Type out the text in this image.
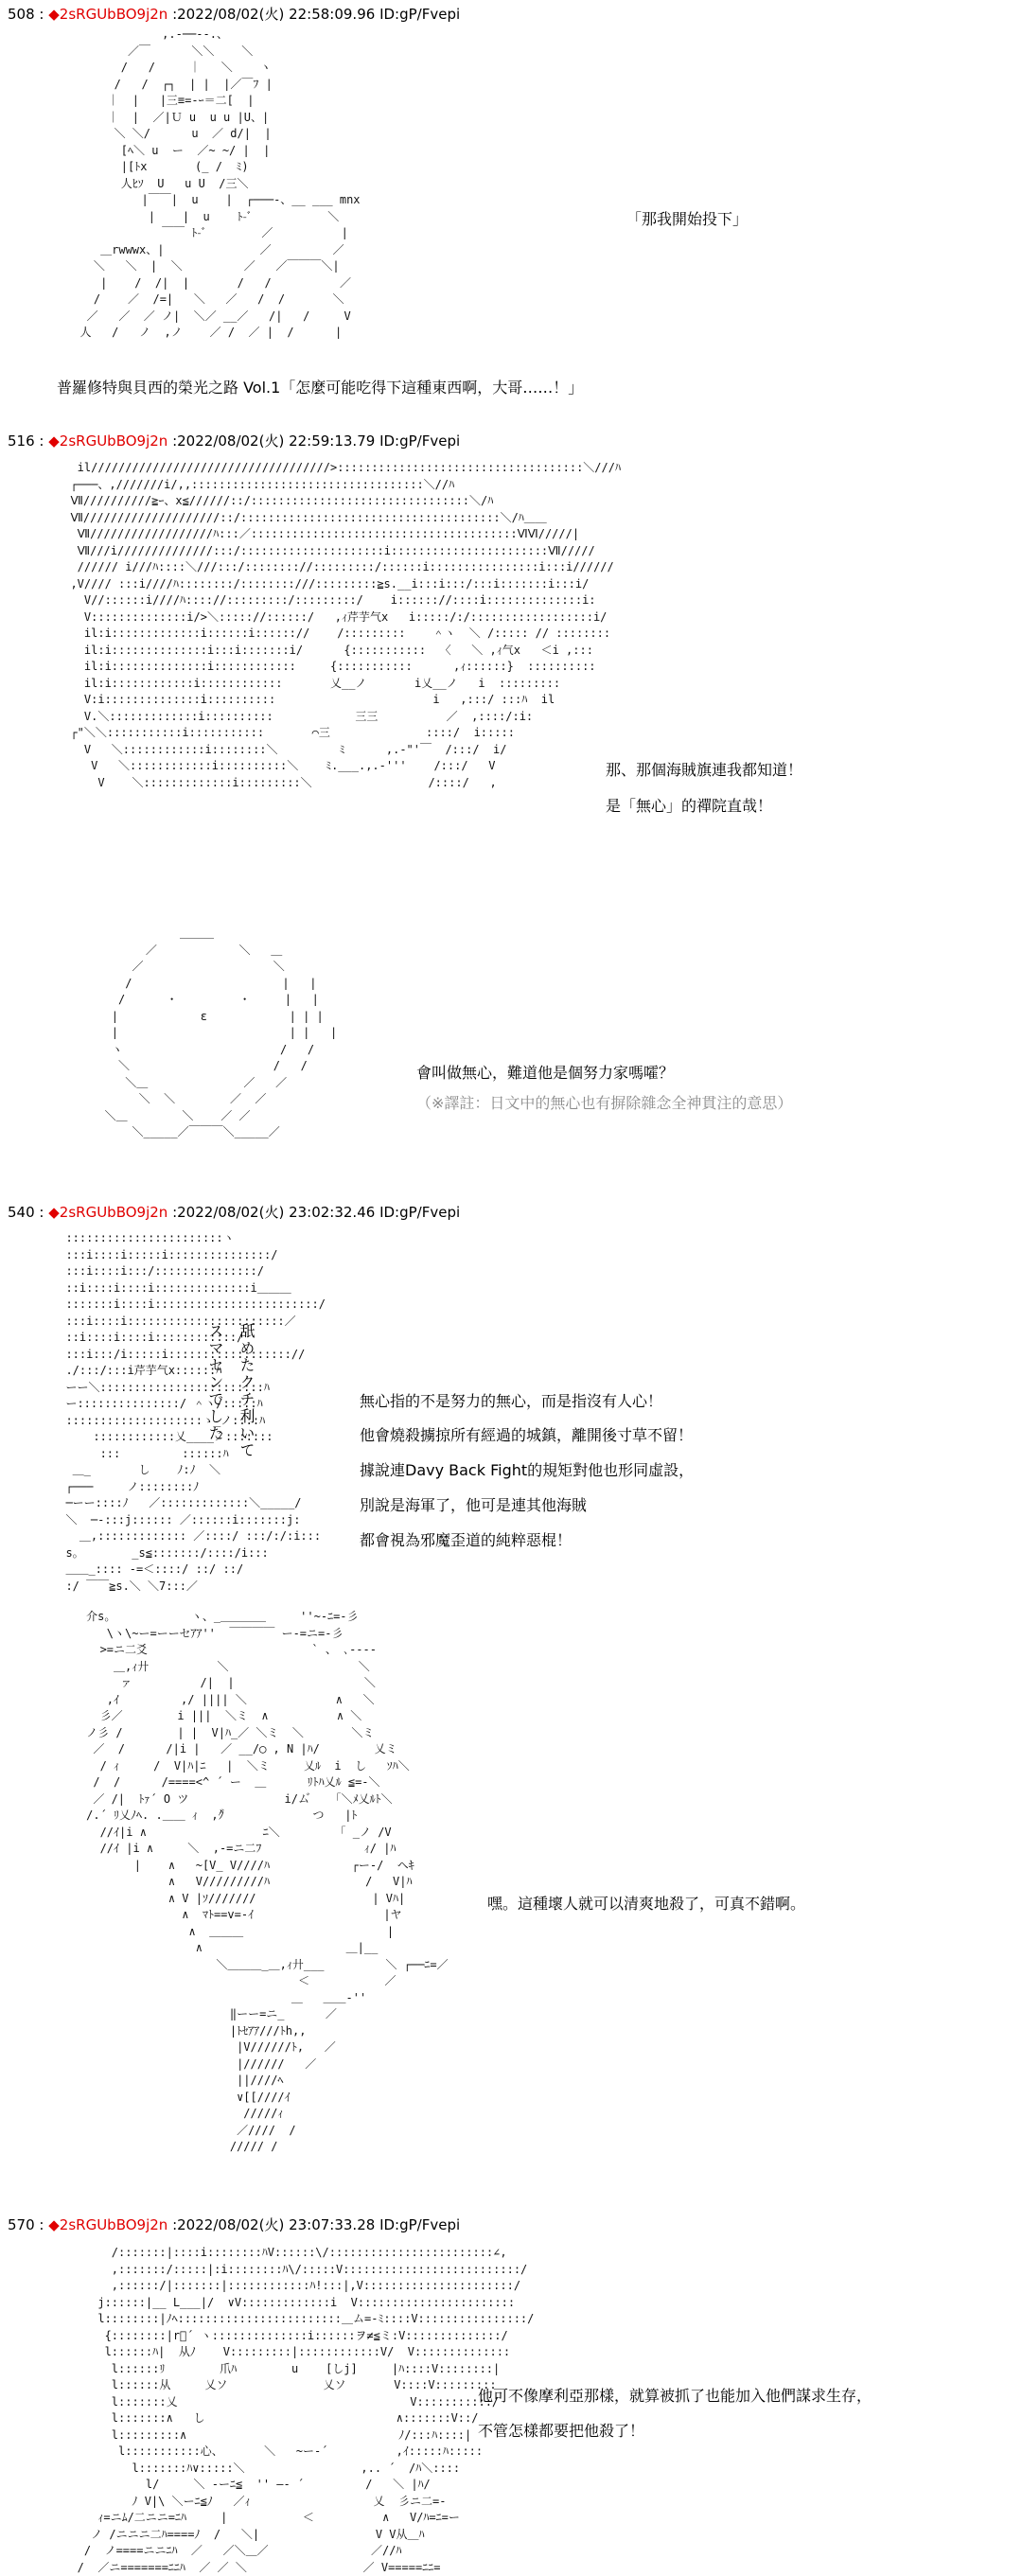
508 : ◆2sRGUbBO9j2n :2022/08/02(火) 22:58:09.96 ID:gP/Fvepi
,.-──--.、
／￣      ＼＼    ＼
/   /     ｜   ＼    ヽ
/   /  ┌┐  | |  |／￣ﾌ |
｜  |   |三≡=-ｰ＝二[  |
｜  |  ／|Ｕ u  u u |U、|
＼ ＼/      u  ／ d/|  |
[ﾍ＼ u  ー  ／~ ~/ |  |
|[ﾄx       (_ /  ﾐ)
人ﾋｿ  U   u U  /三＼
|￣￣|  u    |  ┌───-、__ ___ mnx
|    |  u    ﾄ-ﾞ           ＼
￣￣ ﾄ-ﾞ        ／          |
＿rwwwx、|              ／         ／
＼   ＼  |  ＼         ／   ／￣￣￣＼|
|    /  /|  |       /   /          ／
/    ／  /=|   ＼   ／   /  /       ＼
／   ／  ／ ノ|  ＼／ __／   /|   /     V
人   /   ノ  ,ノ    ／ /  ／ |  /      |

「那我開始投下」
普羅修特與貝西的榮光之路 Vol.1「怎麼可能吃得下這種東西啊，大哥……！」
516 : ◆2sRGUbBO9j2n :2022/08/02(火) 22:59:13.79 ID:gP/Fvepi
il///////////////////////////////////>::::::::::::::::::::::::::::::::::::＼///ﾊ
┌───、,///////i/,,::::::::::::::::::::::::::::::::::＼//ﾊ
Ⅶ//////////≧ｰ、x≦//////::/::::::::::::::::::::::::::::::::＼/ﾊ
Ⅶ////////////////////::/::::::::::::::::::::::::::::::::::::::＼/ﾊ＿＿
Ⅶ//////////////////ﾊ:::／:::::::::::::::::::::::::::::::::::::::ⅥⅥ/////|
Ⅶ///i//////////////:::/:::::::::::::::::::::i:::::::::::::::::::::::Ⅶ/////
////// i///ﾊ::::＼///:::/:::::::://:::::::::/::::::i::::::::::::::::i:::i//////
,V//// :::i////ﾊ::::::::/::::::::///:::::::::≧s.__i:::i:::/:::i:::::::i:::i/
V//::::::i////ﾊ:::://:::::::::/:::::::::/    i:::::://::::i::::::::::::::i:
V::::::::::::::i/>＼::::://::::::/   ,ｨ芹芋气x   i:::::/:/::::::::::::::::::i/
il:i:::::::::::::i::::::i:::::://    /:::::::::    ＾ヽ  ＼ /::::: // ::::::::
il:i::::::::::::::i:::i:::::::i/      {:::::::::::  〈   ＼ ,ｨ气x   ＜i ,:::
il:i::::::::::::::i::::::::::::     {:::::::::::      ,ｨ::::::}  ::::::::::
il:i::::::::::::i::::::::::::       乂__ノ       i乂__ノ   i  :::::::::
V:i::::::::::::::i::::::::::                       i   ,:::/ :::ﾊ  il
V.＼:::::::::::::i::::::::::            三三          ／  ,::::/:i:
┌"＼＼:::::::::::i:::::::::::       ⌒三              ::::/  i:::::
V   ＼::::::::::::i::::::::＼         ﾐ      ,.-"'￣  /:::/  i/
V   ＼::::::::::::i::::::::::＼    ﾐ.___.,.-'''    /:::/   V
V    ＼:::::::::::::i:::::::::＼                 /::::/   ,

那、那個海賊旗連我都知道！
是「無心」的禪院直哉！
＿＿＿
／            ＼   ＿
／                   ＼
/                      |   |
/      ・         ・     |   |
|            ε            | | |
|                         | |   |
ヽ                       /   /
＼                     /   /
＼＿              ／   ／
＼  ＼        ／  ／
＼＿        ＼    ／ ／
＼_____／￣￣￣＼_____／

會叫做無心，難道他是個努力家嗎嚯？
（※譯註：日文中的無心也有摒除雜念全神貫注的意思）
540 : ◆2sRGUbBO9j2n :2022/08/02(火) 23:02:32.46 ID:gP/Fvepi
:::::::::::::::::::::::ヽ
:::i::::i:::::i:::::::::::::::/
:::i::::i:::/:::::::::::::::/
::i::::i::::i::::::::::::::i＿＿＿
:::::::i::::i::::::::::::::::::::::::/
:::i::::i:::::::::::::::::::::::／
::i::::i::::i::::::::::::/
:::i:::/i:::::i:::::::::::::::::://
./:::/:::i芹芋气x::::::ﾊ
ーー＼::::::::::::::::::::::::ﾊ
ー:::::::::::::::/ ＾ヽ/:::::ﾊ
::::::::::::::::::::ゝ_ノ::::ﾊ
::::::::::::乂____ノ:::::::
:::         ::::::ﾊ
＿_       し    ﾉ:ﾉ  ＼
┌───     ノ::::::::ﾉ
─ーー::::ﾉ   ／:::::::::::::＼_____/
＼  ─-:::j:::::: ／::::::i:::::::j:
＿,::::::::::::: ／::::/ :::/:/:i:::
s。       _s≦:::::::/::::/i:::
＿＿_:::: -=＜::::/ ::/ ::/
:/ ￣￣≧s.＼ ＼7:::／

舐めたクチ利いて
スマセンでした	無心指的不是努力的無心，而是指沒有人心！
他會燒殺擄掠所有經過的城鎮，離開後寸草不留！
據說連Davy Back Fight的規矩對他也形同虛設，
別說是海軍了，他可是連其他海賊
都會視為邪魔歪道的純粹惡棍！
介s。           ヽ、_＿＿＿＿     ''~-ﾆ=-彡
\ヽ\~ー=ーーセｱｱ''  ￣￣￣￣ ー-=ニ=-彡
>=ニ二爻                        ` 、 ､----
＿,ｨ廾          ＼                   ＼
ァ          /|  |                   ＼
,ｲ         ,/ |||| ＼             ∧   ＼
彡／        i |||  ＼ミ  ∧          ∧ ＼
ノ彡 /        | |  V|ﾊ_／ ＼ミ  ＼       ＼ミ
／  /      /|i |   ／ __/◯ , N |ﾊ/        乂ミ
/ ｨ     /  V|ﾊ|ﾆ   |  ＼ミ     乂ﾙ  i  し   ｿﾊ＼
/  /      /====<^ ´ ー  ＿      ﾘﾄﾊ乂ﾙ ≦=-＼
／ /|  ﾄｧ´ O ツ              i/ム゙   「＼ﾒ乂ﾙﾄ＼
/.´ ﾘ乂ﾉﾍ. .＿＿ ｨ  ,ｸ゙             つ   |ﾄ
//ｲ|i ∧                 ﾆ＼        「 _ノ /V
//ｲ |i ∧     ＼  ,-=ニ二ﾌ               ｨ/ |ﾊ
|    ∧   ~[V_ V////ﾊ            ┌ー-/  ヘｷ
∧   V/////////ﾊ              /   V|ﾊ
∧ V |ｿ///////                 | Vﾊ|
∧  ﾏﾄ==v=-ｲ                   |ヤ
∧  ＿＿＿                     |
∧                     ＿|__
＼＿＿＿_＿,ｨ廾___         ＼ ┌──ﾆ=／
＜           ／
＿   ＿＿-''
‖ーー=ニ_      ／
|ﾄｾｱｱ///ﾄh,,
|V//////ﾄ,   ／
|//////   ／
||////ﾍ
∨[[////ｲ
/////ｨ
／////  /
///// /

嘿。這種壞人就可以清爽地殺了，可真不錯啊。
570 : ◆2sRGUbBO9j2n :2022/08/02(火) 23:07:33.28 ID:gP/Fvepi
/:::::::|::::i::::::::ﾊV::::::\/::::::::::::::::::::::::∠,
,:::::::/:::::|:i::::::::ﾊ\/:::::V::::::::::::::::::::::::::/
,::::::/|:::::::|::::::::::::ﾊ!:::|,V::::::::::::::::::::::/
j::::::|__ L___|/  ∨V:::::::::::::i  V:::::::::::::::::::::::
l::::::::|ﾉﾍ::::::::::::::::::::::::＿ム=-ﾐ::::V::::::::::::::::/
{::::::::|r゙´ ヽ::::::::::::::i::::::ヲ≠≦ミ:V::::::::::::::/
l::::::ﾊ|  从ﾉ    V:::::::::|::::::::::::V/  V::::::::::::::
l::::::ﾘ        爪ﾊ        u    [しj]     |ﾊ::::V::::::::|
l::::::从     乂ソ              乂ソ       V::::V:::::::::
l:::::::乂                                  V:::::::::::/
l:::::::∧   し                            ∧:::::::V::/
l:::::::::∧                               ﾉ/:::ﾊ::::|
l:::::::::::心、      ＼   ~ー-´          ,ｲ:::::ﾊ:::::
l:::::::ﾊ∨:::::＼                 ,.. ´  /ﾊ＼::::
l/     ＼ -ーﾆ≦  '' ―- ´         /   ＼ |ﾊ/
ﾉ V|\ ＼ーﾆ≦ﾉ   ／ｨ                  乂  彡ニ二=-
ｨ=ニﾑ/二ニニ=ﾆﾊ     |           ＜          ∧   V/ﾊ=ﾆ=ー
ノ /ニニニ二ﾊ====ﾉ  /   ＼|                 V V从＿ﾊ
/  ノ====ニニﾆﾊ  ／   ／＼＿／               ／//ﾊ
/  ／ニ=======ﾆﾆﾊ  ／ ／ ＼                 ／ V=====ﾆﾆ=

他可不像摩利亞那樣，就算被抓了也能加入他們謀求生存，
不管怎樣都要把他殺了！
